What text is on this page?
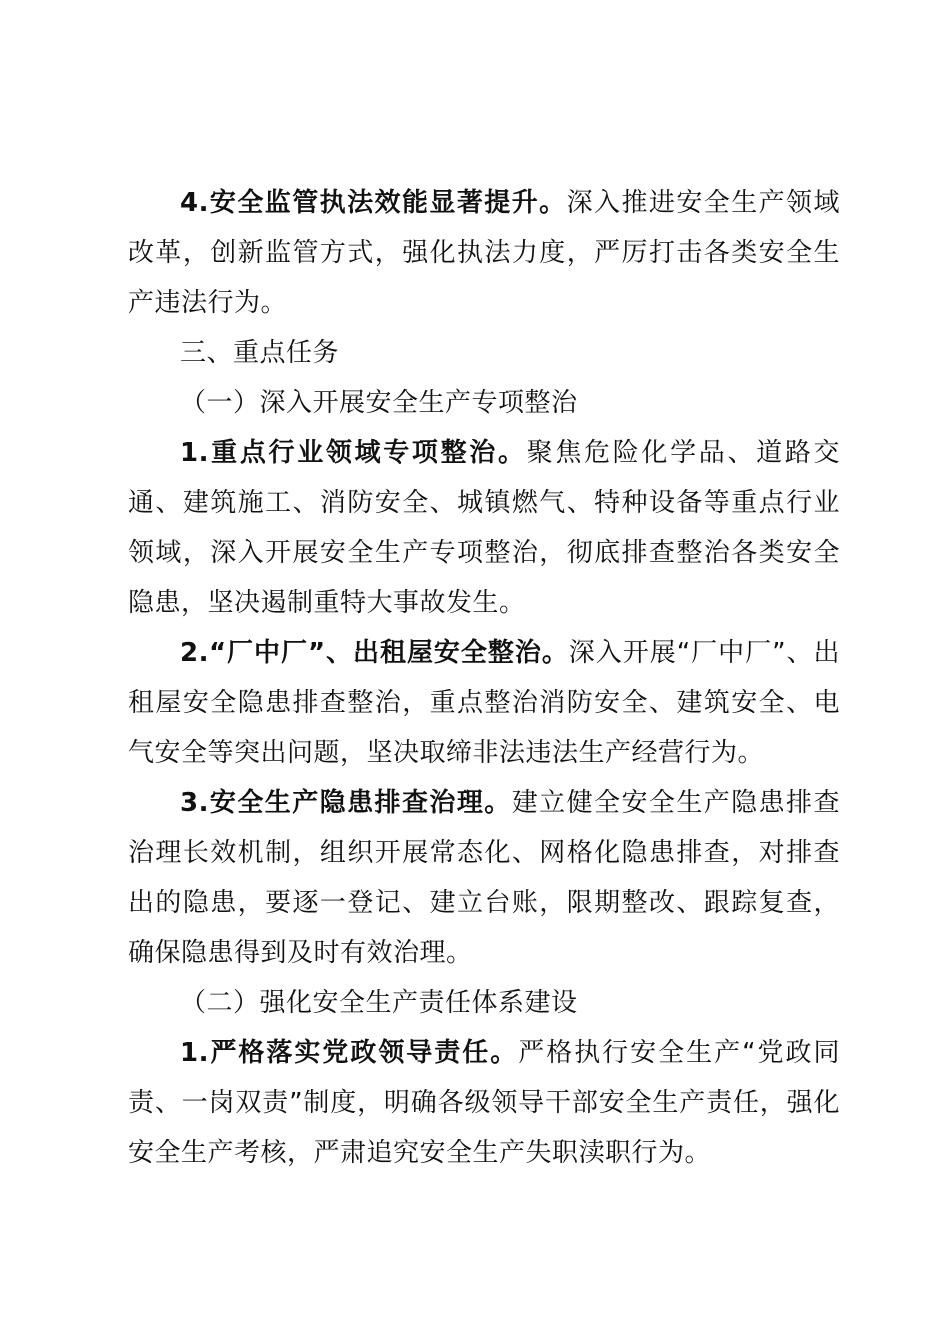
4.安全监管执法效能显著提升。深入推进安全生产领域改革，创新监管方式，强化执法力度，严厉打击各类安全生产违法行为。

三、重点任务

（一）深入开展安全生产专项整治

1.重点行业领域专项整治。聚焦危险化学品、道路交通、建筑施工、消防安全、城镇燃气、特种设备等重点行业领域，深入开展安全生产专项整治，彻底排查整治各类安全隐患，坚决遏制重特大事故发生。

2.“厂中厂”、出租屋安全整治。深入开展“厂中厂”、出租屋安全隐患排查整治，重点整治消防安全、建筑安全、电气安全等突出问题，坚决取缔非法违法生产经营行为。

3.安全生产隐患排查治理。建立健全安全生产隐患排查治理长效机制，组织开展常态化、网格化隐患排查，对排查出的隐患，要逐一登记、建立台账，限期整改、跟踪复查，确保隐患得到及时有效治理。

（二）强化安全生产责任体系建设

1.严格落实党政领导责任。严格执行安全生产“党政同责、一岗双责”制度，明确各级领导干部安全生产责任，强化安全生产考核，严肃追究安全生产失职渎职行为。
